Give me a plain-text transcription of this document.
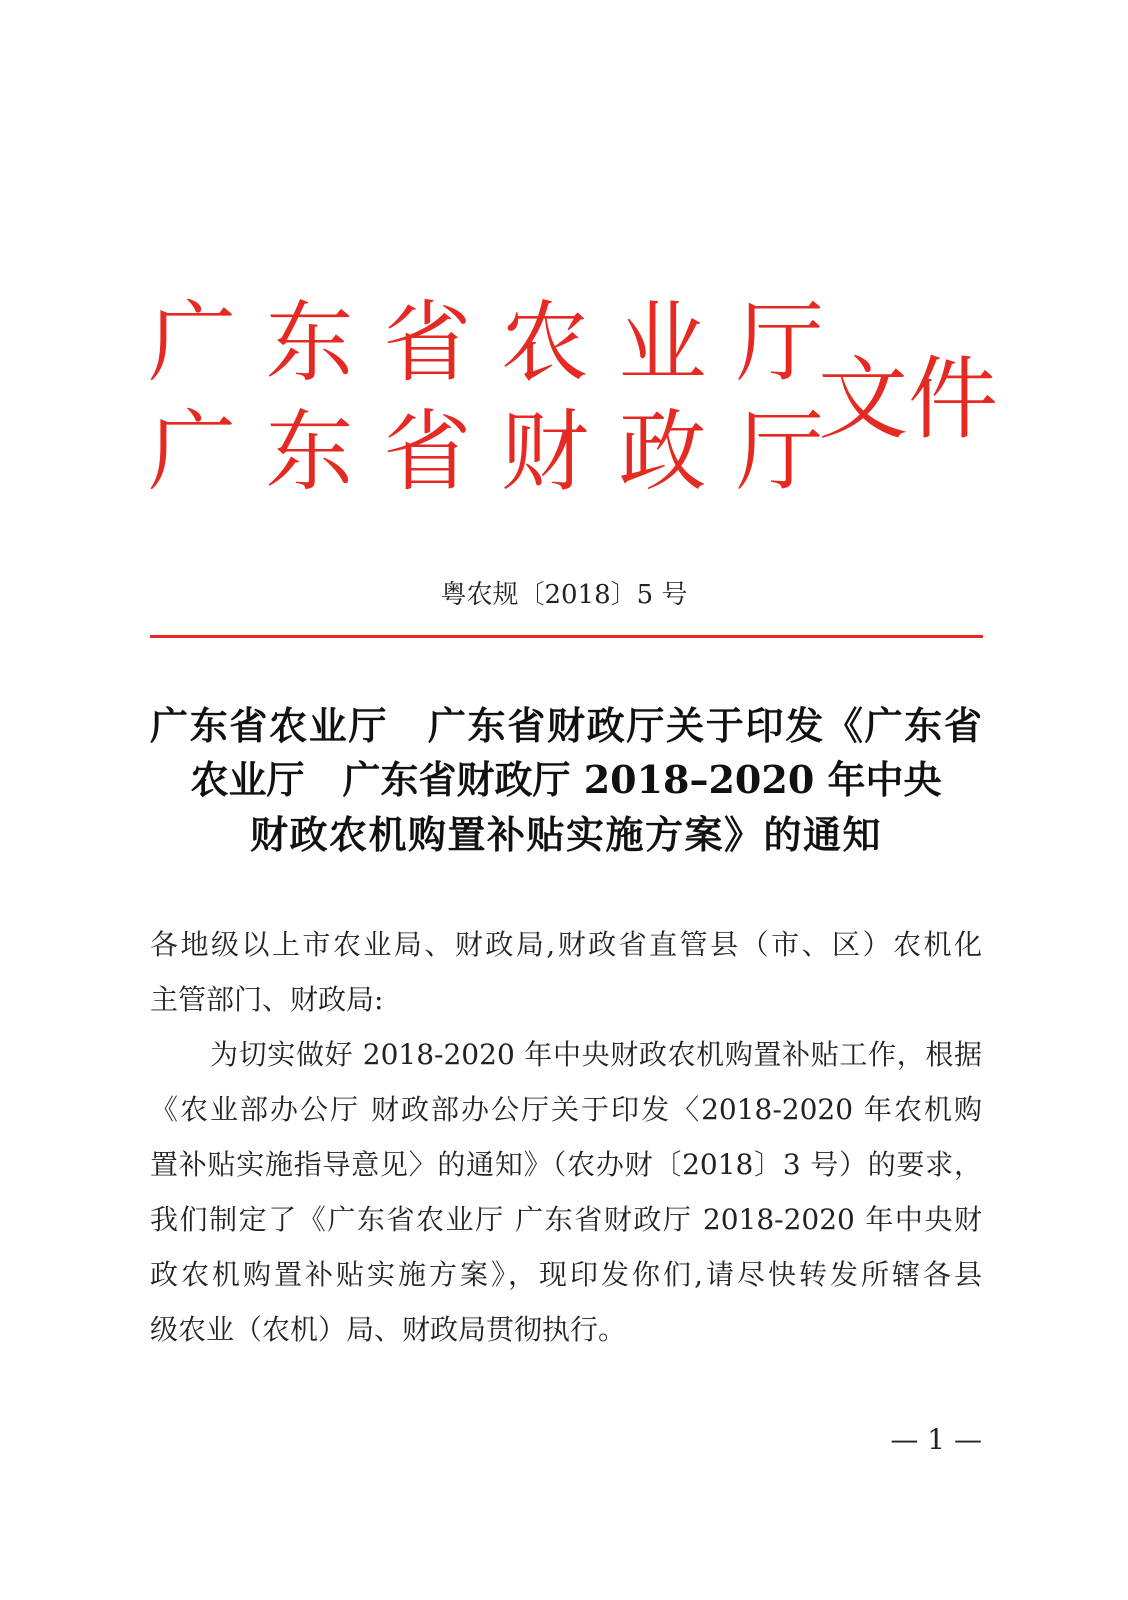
广 东 省 农 业 厅
广 东 省 财 政 厅
文件
粤农规〔2018〕5 号
广东省农业厅　广东省财政厅关于印发《广东省
农业厅　广东省财政厅 2018–2020 年中央
财政农机购置补贴实施方案》的通知
各地级以上市农业局、财政局,财政省直管县（市、区）农机化
主管部门、财政局:
为切实做好 2018-2020 年中央财政农机购置补贴工作，根据
《农业部办公厅 财政部办公厅关于印发〈2018-2020 年农机购
置补贴实施指导意见〉的通知》（农办财〔2018〕3 号）的要求，
我们制定了《广东省农业厅 广东省财政厅 2018-2020 年中央财
政农机购置补贴实施方案》，现印发你们,请尽快转发所辖各县
级农业（农机）局、财政局贯彻执行。
— 1 —
